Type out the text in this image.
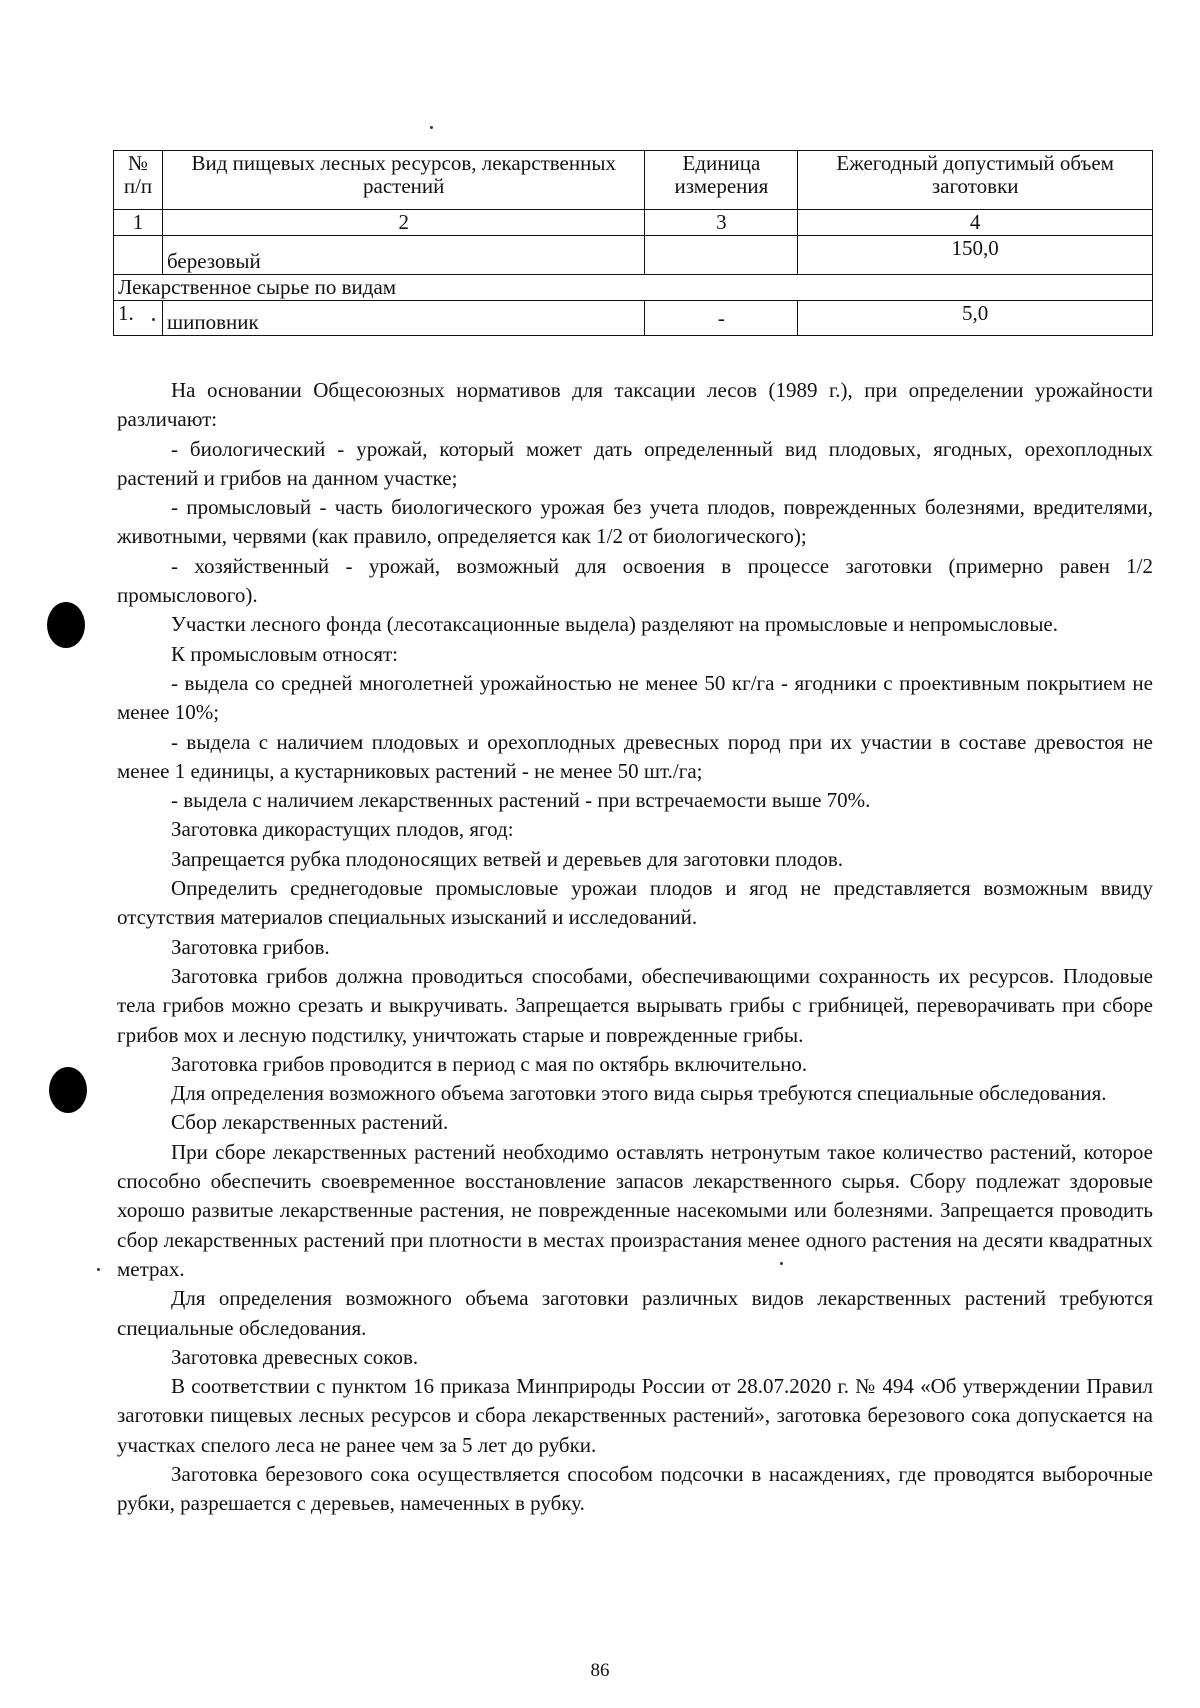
№ п/п	Вид пищевых лесных ресурсов, лекарственных растений	Единица измерения	Ежегодный допустимый объем заготовки
1	2	3	4
	березовый		150,0
Лекарственное сырье по видам			
1.	шиповник	-	5,0

На основании Общесоюзных нормативов для таксации лесов (1989 г.), при определении урожайности различают:

- биологический - урожай, который может дать определенный вид плодовых, ягодных, орехоплодных растений и грибов на данном участке;

- промысловый - часть биологического урожая без учета плодов, поврежденных болезнями, вредителями, животными, червями (как правило, определяется как 1/2 от биологического);

- хозяйственный - урожай, возможный для освоения в процессе заготовки (примерно равен 1/2 промыслового).

Участки лесного фонда (лесотаксационные выдела) разделяют на промысловые и непромысловые.

К промысловым относят:

- выдела со средней многолетней урожайностью не менее 50 кг/га - ягодники с проективным покрытием не менее 10%;

- выдела с наличием плодовых и орехоплодных древесных пород при их участии в составе древостоя не менее 1 единицы, а кустарниковых растений - не менее 50 шт./га;

- выдела с наличием лекарственных растений - при встречаемости выше 70%.

Заготовка дикорастущих плодов, ягод:

Запрещается рубка плодоносящих ветвей и деревьев для заготовки плодов.

Определить среднегодовые промысловые урожаи плодов и ягод не представляется возможным ввиду отсутствия материалов специальных изысканий и исследований.

Заготовка грибов.

Заготовка грибов должна проводиться способами, обеспечивающими сохранность их ресурсов. Плодовые тела грибов можно срезать и выкручивать. Запрещается вырывать грибы с грибницей, переворачивать при сборе грибов мох и лесную подстилку, уничтожать старые и поврежденные грибы.

Заготовка грибов проводится в период с мая по октябрь включительно.

Для определения возможного объема заготовки этого вида сырья требуются специальные обследования.

Сбор лекарственных растений.

При сборе лекарственных растений необходимо оставлять нетронутым такое количество растений, которое способно обеспечить своевременное восстановление запасов лекарственного сырья. Сбору подлежат здоровые хорошо развитые лекарственные растения, не поврежденные насекомыми или болезнями. Запрещается проводить сбор лекарственных растений при плотности в местах произрастания менее одного растения на десяти квадратных метрах.

Для определения возможного объема заготовки различных видов лекарственных растений требуются специальные обследования.

Заготовка древесных соков.

В соответствии с пунктом 16 приказа Минприроды России от 28.07.2020 г. № 494 «Об утверждении Правил заготовки пищевых лесных ресурсов и сбора лекарственных растений», заготовка березового сока допускается на участках спелого леса не ранее чем за 5 лет до рубки.

Заготовка березового сока осуществляется способом подсочки в насаждениях, где проводятся выборочные рубки, разрешается с деревьев, намеченных в рубку.

86
